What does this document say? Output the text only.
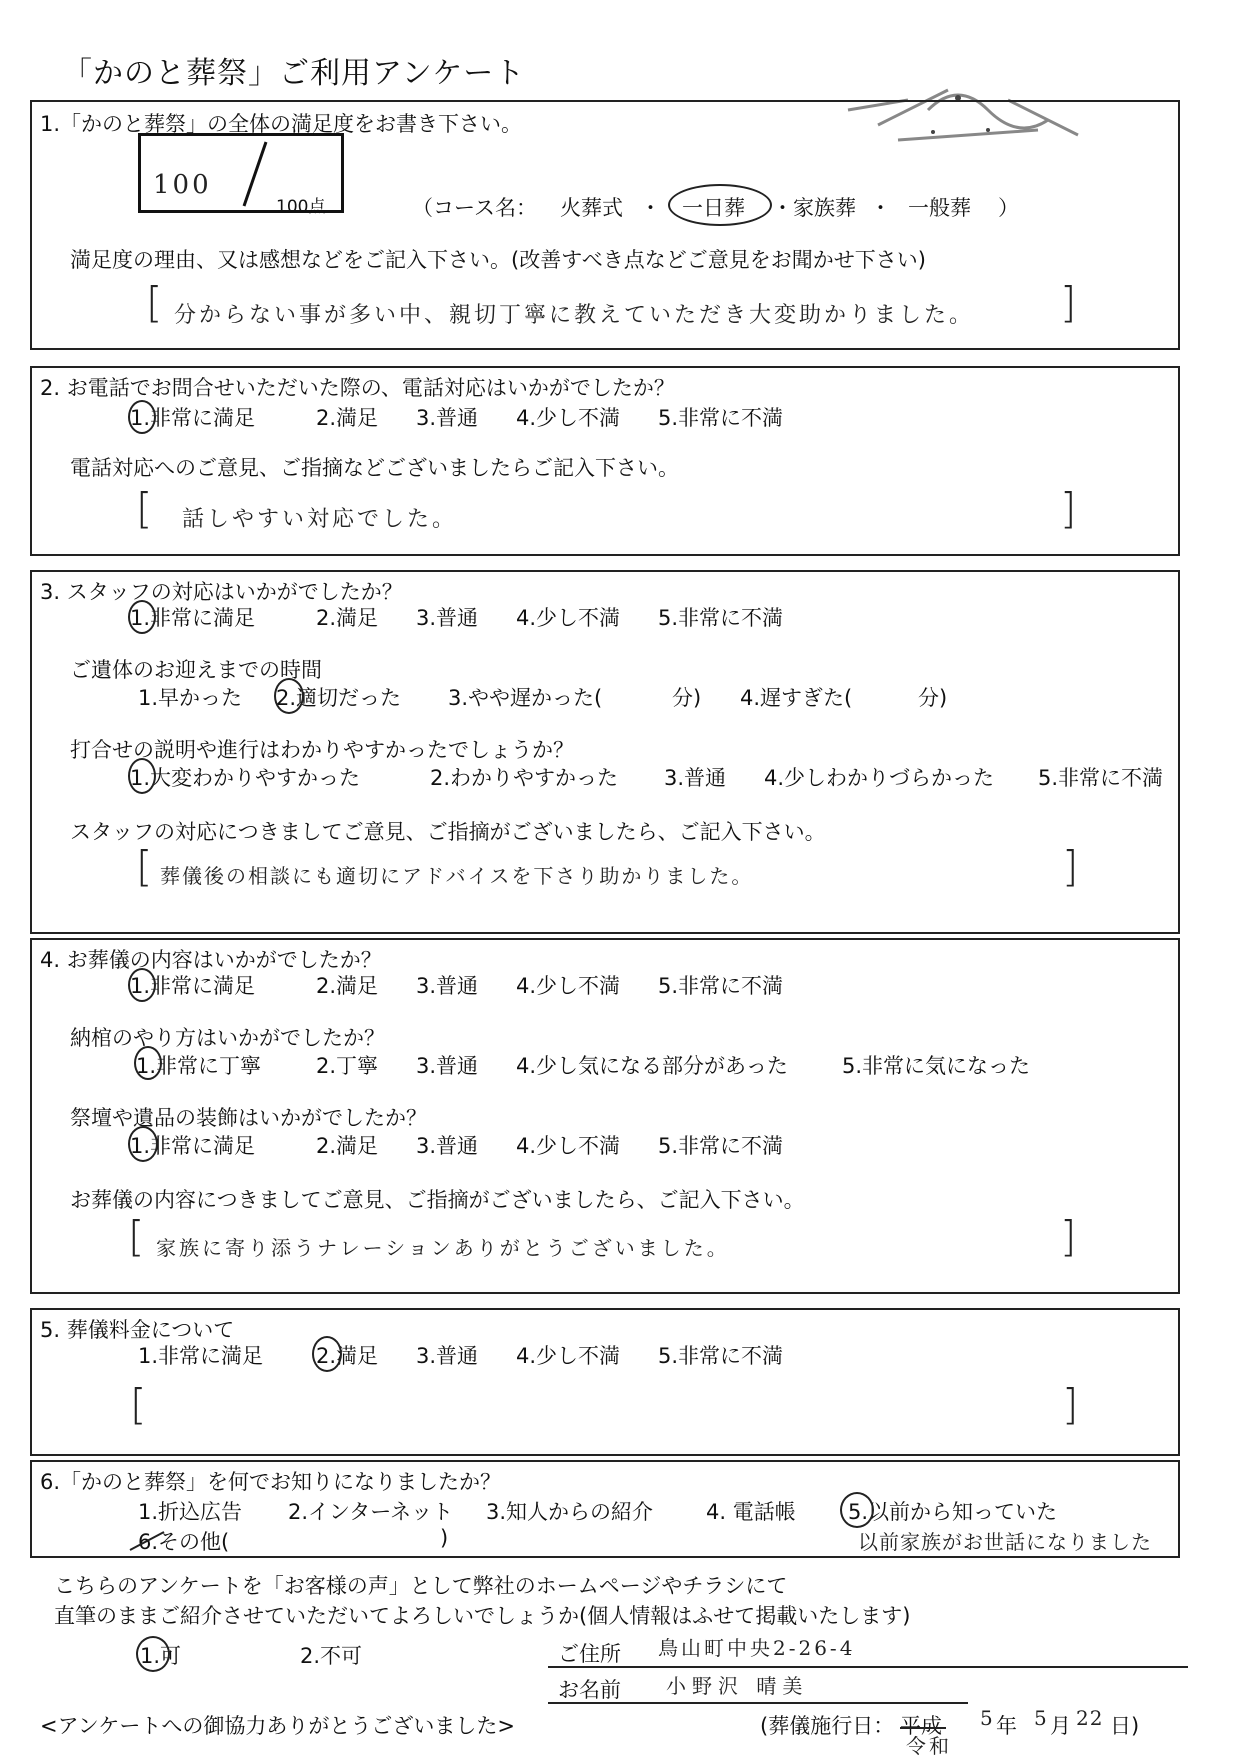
「かのと葬祭」ご利用アンケート
1.「かのと葬祭」の全体の満足度をお書き下さい。
（コース名： 火葬式 ・ 一日葬 ・家族葬 ・ 一般葬 ）
満足度の理由、又は感想などをご記入下さい。(改善すべき点などご意見をお聞かせ下さい)
[ 分からない事が多い中、親切丁寧に教えていただき大変助かりました。 ]
100
100点
2. お電話でお問合せいただいた際の、電話対応はいかがでしたか？
1.非常に満足	2.満足 3.普通 4.少し不満 5.非常に不満
電話対応へのご意見、ご指摘などございましたらご記入下さい。
[ 話しやすい対応でした。	]
3. スタッフの対応はいかがでしたか？
1.非常に満足	2.満足 3.普通 4.少し不満 5.非常に不満
ご遺体のお迎えまでの時間
1.早かった 2.適切だった 3.やや遅かった(	分) 4.遅すぎた(	分)
打合せの説明や進行はわかりやすかったでしょうか？
1.大変わかりやすかった	2.わかりやすかった 3.普通 4.少しわかりづらかった 5.非常に不満
スタッフの対応につきましてご意見、ご指摘がございましたら、ご記入下さい。
[ 葬儀後の相談にも適切にアドバイスを下さり助かりました。	]
4. お葬儀の内容はいかがでしたか？
1.非常に満足	2.満足 3.普通 4.少し不満 5.非常に不満
納棺のやり方はいかがでしたか？
1.非常に丁寧	2.丁寧 3.普通 4.少し気になる部分があった	5.非常に気になった
祭壇や遺品の装飾はいかがでしたか？
1.非常に満足	2.満足 3.普通 4.少し不満 5.非常に不満
お葬儀の内容につきましてご意見、ご指摘がございましたら、ご記入下さい。
[ 家族に寄り添うナレーションありがとうございました。	]
5. 葬儀料金について
1.非常に満足	2.満足 3.普通 4.少し不満 5.非常に不満
[	]
6.「かのと葬祭」を何でお知りになりましたか？
1.折込広告 2.インターネット 3.知人からの紹介	4. 電話帳 5.以前から知っていた
6.その他(	)	以前家族がお世話になりました
こちらのアンケートを「お客様の声」として弊社のホームページやチラシにて
直筆のままご紹介させていただいてよろしいでしょうか(個人情報はふせて掲載いたします)
1.可	2.不可	ご住所 鳥山町中央2-26-4
お名前 小野沢 晴美
<アンケートへの御協力ありがとうございました>	(葬儀施行日： 平成 5 年 5 月 22 日)
令和
